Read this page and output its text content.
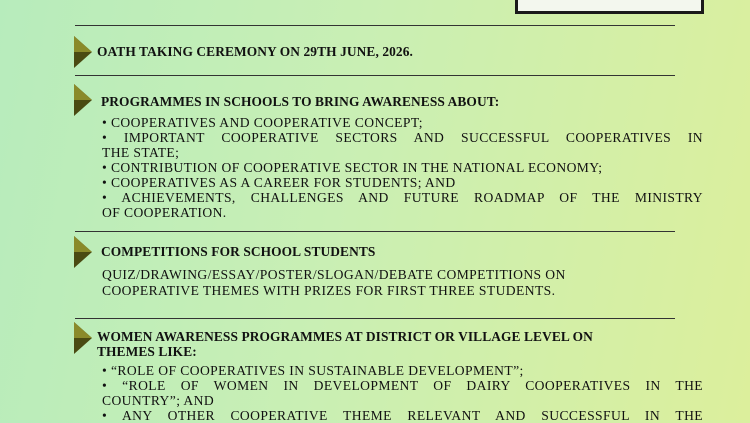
OATH TAKING CEREMONY ON 29TH JUNE, 2026.
PROGRAMMES IN SCHOOLS TO BRING AWARENESS ABOUT:
• COOPERATIVES AND COOPERATIVE CONCEPT;
• IMPORTANT COOPERATIVE SECTORS AND SUCCESSFUL COOPERATIVES IN
THE STATE;
• CONTRIBUTION OF COOPERATIVE SECTOR IN THE NATIONAL ECONOMY;
• COOPERATIVES AS A CAREER FOR STUDENTS; AND
• ACHIEVEMENTS, CHALLENGES AND FUTURE ROADMAP OF THE MINISTRY
OF COOPERATION.
COMPETITIONS FOR SCHOOL STUDENTS
QUIZ/DRAWING/ESSAY/POSTER/SLOGAN/DEBATE COMPETITIONS ON
COOPERATIVE THEMES WITH PRIZES FOR FIRST THREE STUDENTS.
WOMEN AWARENESS PROGRAMMES AT DISTRICT OR VILLAGE LEVEL ON
THEMES LIKE:
• “ROLE OF COOPERATIVES IN SUSTAINABLE DEVELOPMENT”;
• “ROLE OF WOMEN IN DEVELOPMENT OF DAIRY COOPERATIVES IN THE
COUNTRY”; AND
• ANY OTHER COOPERATIVE THEME RELEVANT AND SUCCESSFUL IN THE
